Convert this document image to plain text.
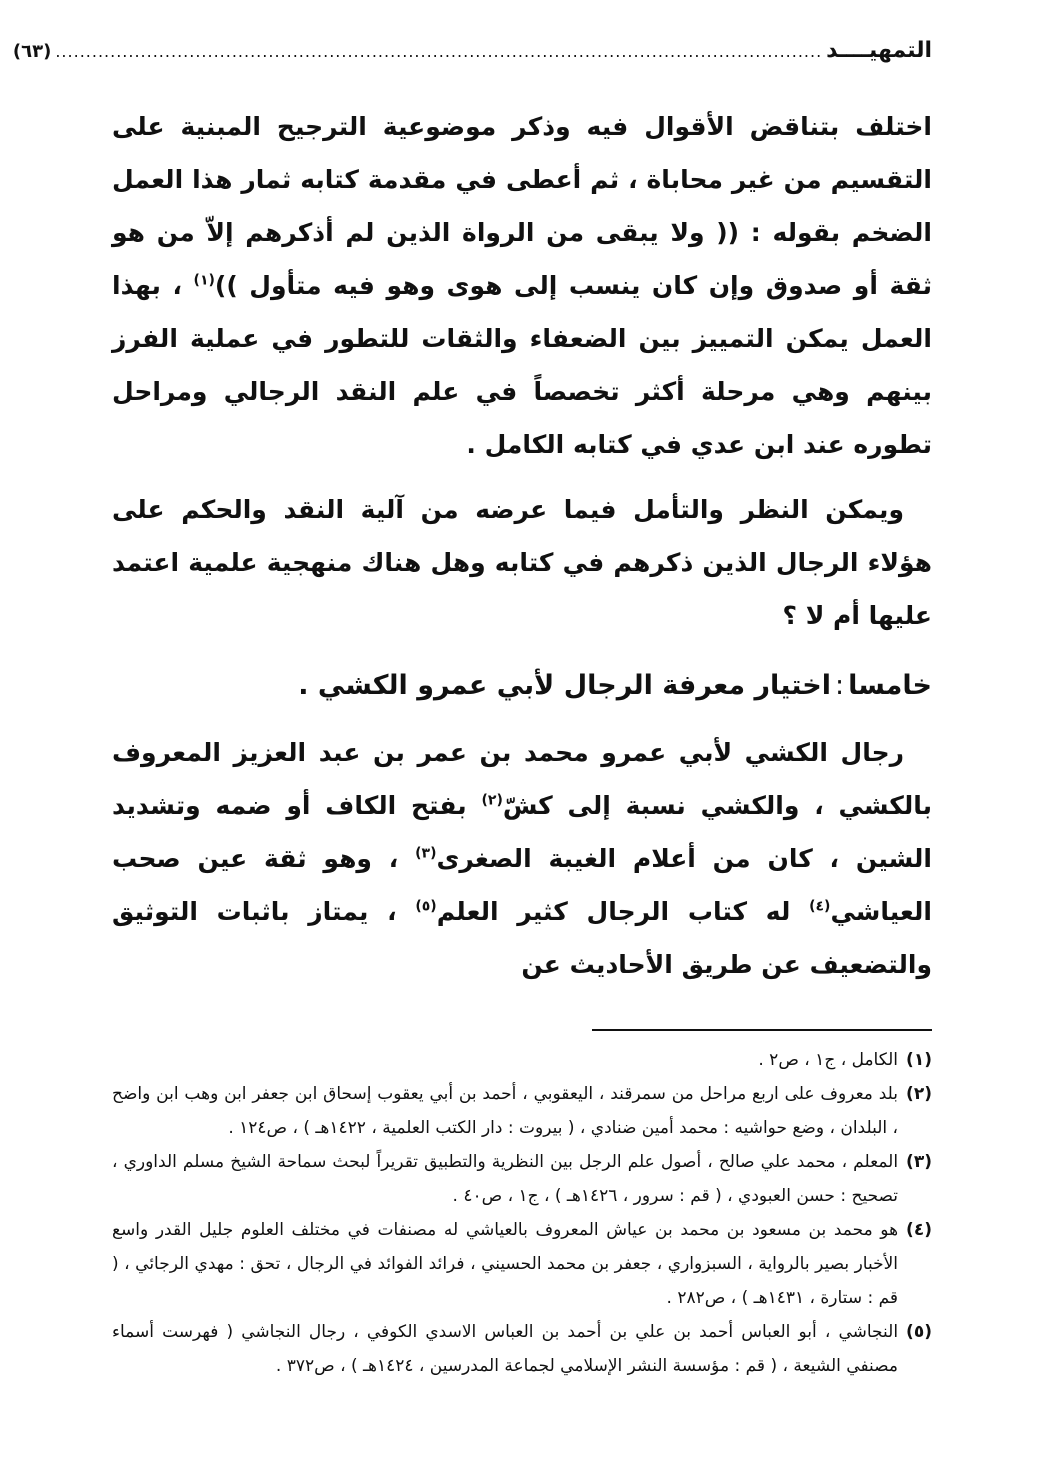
التمهيــــد
..............................................................................................................................
(٦٣)

اختلف بتناقض الأقوال فيه وذكر موضوعية الترجيح المبنية على التقسيم من غير محاباة ، ثم أعطى في مقدمة كتابه ثمار هذا العمل الضخم بقوله : (( ولا يبقى من الرواة الذين لم أذكرهم إلاّ من هو ثقة أو صدوق وإن كان ينسب إلى هوى وهو فيه متأول ))$^{(١)}$ ، بهذا العمل يمكن التمييز بين الضعفاء والثقات للتطور في عملية الفرز بينهم وهي مرحلة أكثر تخصصاً في علم النقد الرجالي ومراحل تطوره عند ابن عدي في كتابه الكامل .

ويمكن النظر والتأمل فيما عرضه من آلية النقد والحكم على هؤلاء الرجال الذين ذكرهم في كتابه وهل هناك منهجية علمية اعتمد عليها أم لا ؟

خامسا:اختيار معرفة الرجال لأبي عمرو الكشي .

رجال الكشي لأبي عمرو محمد بن عمر بن عبد العزيز المعروف بالكشي ، والكشي نسبة إلى كشّ$^{(٢)}$ بفتح الكاف أو ضمه وتشديد الشين ، كان من أعلام الغيبة الصغرى$^{(٣)}$ ، وهو ثقة عين صحب العياشي$^{(٤)}$ له كتاب الرجال كثير العلم$^{(٥)}$ ، يمتاز باثبات التوثيق والتضعيف عن طريق الأحاديث عن

(١)
الكامل ، ج١ ، ص٢ .
(٢)
بلد معروف على اربع مراحل من سمرقند ، اليعقوبي ، أحمد بن أبي يعقوب إسحاق ابن جعفر ابن وهب ابن واضح ، البلدان ، وضع حواشيه : محمد أمين ضنادي ، ( بيروت : دار الكتب العلمية ، ١٤٢٢هـ ) ، ص١٢٤ .
(٣)
المعلم ، محمد علي صالح ، أصول علم الرجل بين النظرية والتطبيق تقريراً لبحث سماحة الشيخ مسلم الداوري ، تصحيح : حسن العبودي ، ( قم : سرور ، ١٤٢٦هـ ) ، ج١ ، ص٤٠ .
(٤)
هو محمد بن مسعود بن محمد بن عياش المعروف بالعياشي له مصنفات في مختلف العلوم جليل القدر واسع الأخبار بصير بالرواية ، السبزواري ، جعفر بن محمد الحسيني ، فرائد الفوائد في الرجال ، تحق : مهدي الرجائي ، ( قم : ستارة ، ١٤٣١هـ ) ، ص٢٨٢ .
(٥)
النجاشي ، أبو العباس أحمد بن علي بن أحمد بن العباس الاسدي الكوفي ، رجال النجاشي ( فهرست أسماء مصنفي الشيعة ، ( قم : مؤسسة النشر الإسلامي لجماعة المدرسين ، ١٤٢٤هـ ) ، ص٣٧٢ .
